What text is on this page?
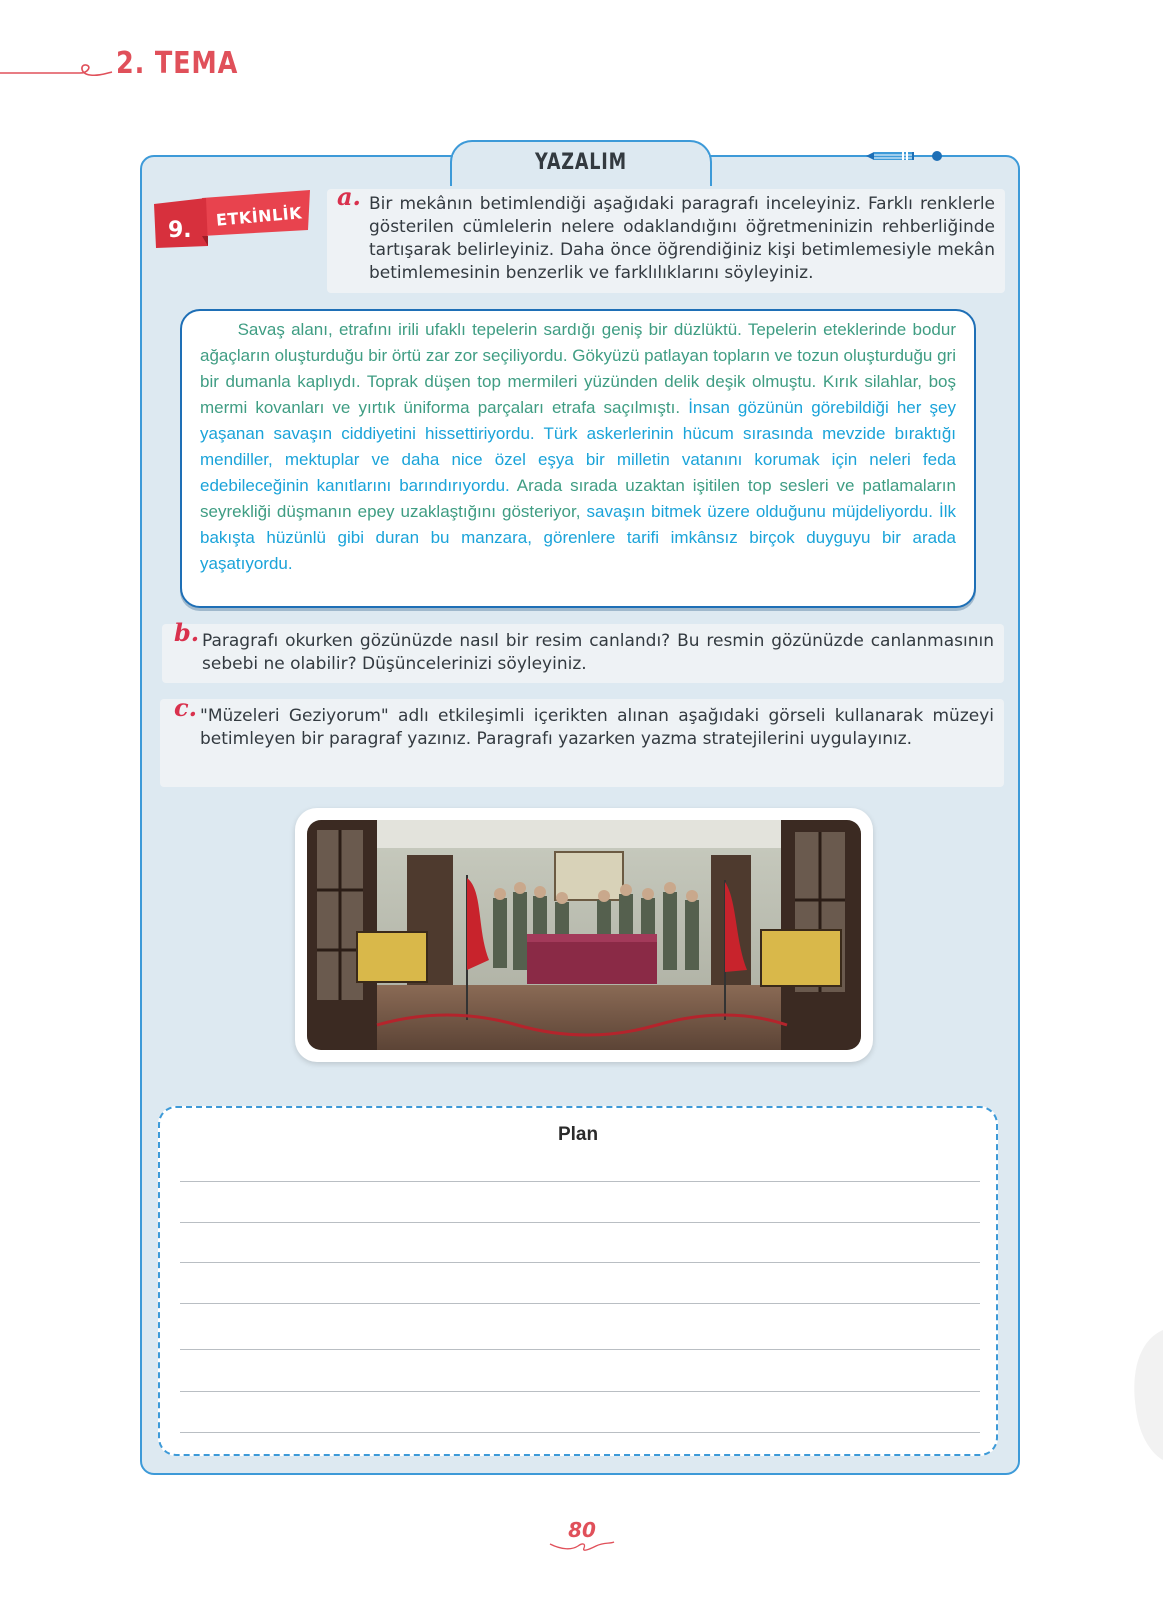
2. TEMA
YAZALIM
9.
ETKİNLİK
a. Bir mekânın betimlendiği aşağıdaki paragrafı inceleyiniz. Farklı renklerle gösterilen cümlelerin nelere odaklandığını öğretmeninizin rehberliğinde tartışarak belirleyiniz. Daha önce öğrendiğiniz kişi betimlemesiyle mekân betimlemesinin benzerlik ve farklılıklarını söyleyiniz.
Savaş alanı, etrafını irili ufaklı tepelerin sardığı geniş bir düzlüktü. Tepelerin eteklerinde bodur ağaçların oluşturduğu bir örtü zar zor seçiliyordu. Gökyüzü patlayan topların ve tozun oluşturduğu gri bir dumanla kaplıydı. Toprak düşen top mermileri yüzünden delik deşik olmuştu. Kırık silahlar, boş mermi kovanları ve yırtık üniforma parçaları etrafa saçılmıştı. İnsan gözünün görebildiği her şey yaşanan savaşın ciddiyetini hissettiriyordu. Türk askerlerinin hücum sırasında mevzide bıraktığı mendiller, mektuplar ve daha nice özel eşya bir milletin vatanını korumak için neleri feda edebileceğinin kanıtlarını barındırıyordu. Arada sırada uzaktan işitilen top sesleri ve patlamaların seyrekliği düşmanın epey uzaklaştığını gösteriyor, savaşın bitmek üzere olduğunu müjdeliyordu. İlk bakışta hüzünlü gibi duran bu manzara, görenlere tarifi imkânsız birçok duyguyu bir arada yaşatıyordu.
b. Paragrafı okurken gözünüzde nasıl bir resim canlandı? Bu resmin gözünüzde canlanmasının sebebi ne olabilir? Düşüncelerinizi söyleyiniz.
c. "Müzeleri Geziyorum" adlı etkileşimli içerikten alınan aşağıdaki görseli kullanarak müzeyi betimleyen bir paragraf yazınız. Paragrafı yazarken yazma stratejilerini uygulayınız.
Plan
80
